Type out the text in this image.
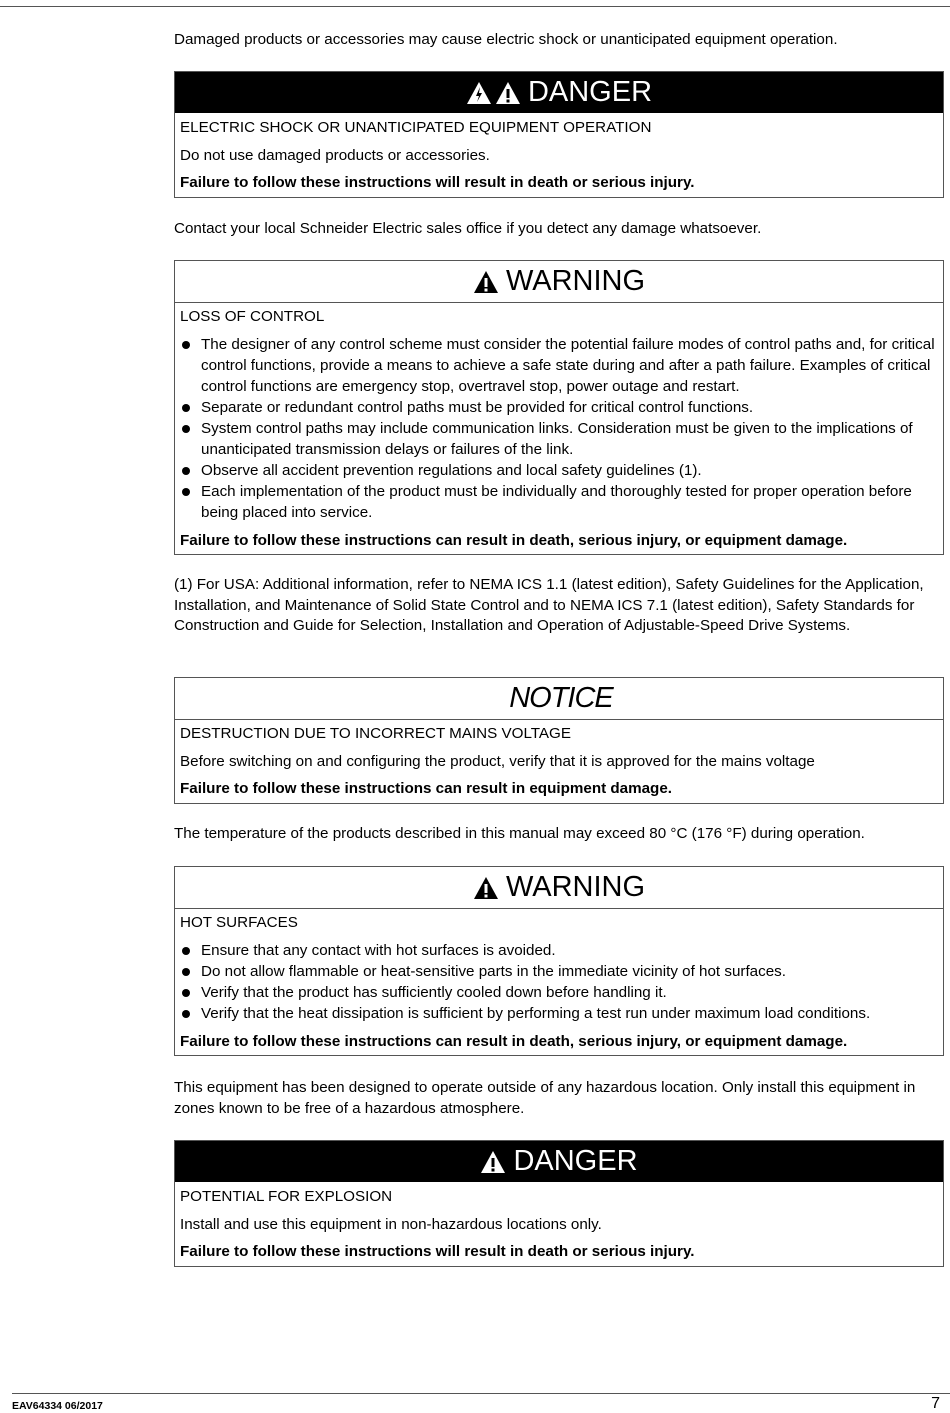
Damaged products or accessories may cause electric shock or unanticipated equipment operation.
DANGER
ELECTRIC SHOCK OR UNANTICIPATED EQUIPMENT OPERATION
Do not use damaged products or accessories.
Failure to follow these instructions will result in death or serious injury.
Contact your local Schneider Electric sales office if you detect any damage whatsoever.
WARNING
LOSS OF CONTROL
The designer of any control scheme must consider the potential failure modes of control paths and, for critical control functions, provide a means to achieve a safe state during and after a path failure. Examples of critical control functions are emergency stop, overtravel stop, power outage and restart.
Separate or redundant control paths must be provided for critical control functions.
System control paths may include communication links. Consideration must be given to the implications of unanticipated transmission delays or failures of the link.
Observe all accident prevention regulations and local safety guidelines (1).
Each implementation of the product must be individually and thoroughly tested for proper operation before being placed into service.
Failure to follow these instructions can result in death, serious injury, or equipment damage.
(1) For USA: Additional information, refer to NEMA ICS 1.1 (latest edition), Safety Guidelines for the Application, Installation, and Maintenance of Solid State Control and to NEMA ICS 7.1 (latest edition), Safety Standards for Construction and Guide for Selection, Installation and Operation of Adjustable-Speed Drive Systems.
NOTICE
DESTRUCTION DUE TO INCORRECT MAINS VOLTAGE
Before switching on and configuring the product, verify that it is approved for the mains voltage
Failure to follow these instructions can result in equipment damage.
The temperature of the products described in this manual may exceed 80 °C (176 °F) during operation.
WARNING
HOT SURFACES
Ensure that any contact with hot surfaces is avoided.
Do not allow flammable or heat-sensitive parts in the immediate vicinity of hot surfaces.
Verify that the product has sufficiently cooled down before handling it.
Verify that the heat dissipation is sufficient by performing a test run under maximum load conditions.
Failure to follow these instructions can result in death, serious injury, or equipment damage.
This equipment has been designed to operate outside of any hazardous location. Only install this equipment in zones known to be free of a hazardous atmosphere.
DANGER
POTENTIAL FOR EXPLOSION
Install and use this equipment in non-hazardous locations only.
Failure to follow these instructions will result in death or serious injury.
EAV64334 06/2017	7
